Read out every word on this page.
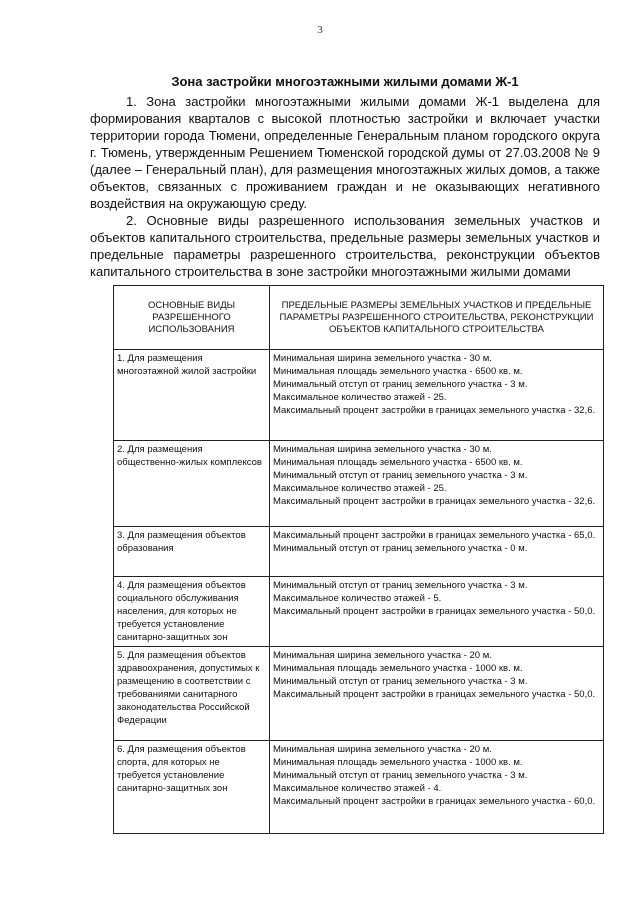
3
Зона застройки многоэтажными жилыми домами Ж-1
1. Зона застройки многоэтажными жилыми домами Ж-1 выделена для формирования кварталов с высокой плотностью застройки и включает участки территории города Тюмени, определенные Генеральным планом городского округа г. Тюмень, утвержденным Решением Тюменской городской думы от 27.03.2008 № 9 (далее – Генеральный план), для размещения многоэтажных жилых домов, а также объектов, связанных с проживанием граждан и не оказывающих негативного воздействия на окружающую среду.
2. Основные виды разрешенного использования земельных участков и объектов капитального строительства, предельные размеры земельных участков и предельные параметры разрешенного строительства, реконструкции объектов капитального строительства в зоне застройки многоэтажными жилыми домами
ОСНОВНЫЕ ВИДЫ РАЗРЕШЕННОГО ИСПОЛЬЗОВАНИЯ	ПРЕДЕЛЬНЫЕ РАЗМЕРЫ ЗЕМЕЛЬНЫХ УЧАСТКОВ И ПРЕДЕЛЬНЫЕ ПАРАМЕТРЫ РАЗРЕШЕННОГО СТРОИТЕЛЬСТВА, РЕКОНСТРУКЦИИ ОБЪЕКТОВ КАПИТАЛЬНОГО СТРОИТЕЛЬСТВА
1. Для размещения многоэтажной жилой застройки	Минимальная ширина земельного участка - 30 м.
Минимальная площадь земельного участка - 6500 кв. м.
Минимальный отступ от границ земельного участка - 3 м.
Максимальное количество этажей - 25.
Максимальный процент застройки в границах земельного участка - 32,6.

2. Для размещения общественно-жилых комплексов	Минимальная ширина земельного участка - 30 м.
Минимальная площадь земельного участка - 6500 кв. м.
Минимальный отступ от границ земельного участка - 3 м.
Максимальное количество этажей - 25.
Максимальный процент застройки в границах земельного участка - 32,6.

3. Для размещения объектов образования	Максимальный процент застройки в границах земельного участка - 65,0.
Минимальный отступ от границ земельного участка - 0 м.

4. Для размещения объектов социального обслуживания населения, для которых не требуется установление санитарно-защитных зон	Минимальный отступ от границ земельного участка - 3 м.
Максимальное количество этажей - 5.
Максимальный процент застройки в границах земельного участка - 50,0.

5. Для размещения объектов здравоохранения, допустимых к размещению в соответствии с требованиями санитарного законодательства Российской Федерации	Минимальная ширина земельного участка - 20 м.
Минимальная площадь земельного участка - 1000 кв. м.
Минимальный отступ от границ земельного участка - 3 м.
Максимальный процент застройки в границах земельного участка - 50,0.

6. Для размещения объектов спорта, для которых не требуется установление санитарно-защитных зон	Минимальная ширина земельного участка - 20 м.
Минимальная площадь земельного участка - 1000 кв. м.
Минимальный отступ от границ земельного участка - 3 м.
Максимальное количество этажей - 4.
Максимальный процент застройки в границах земельного участка - 60,0.
